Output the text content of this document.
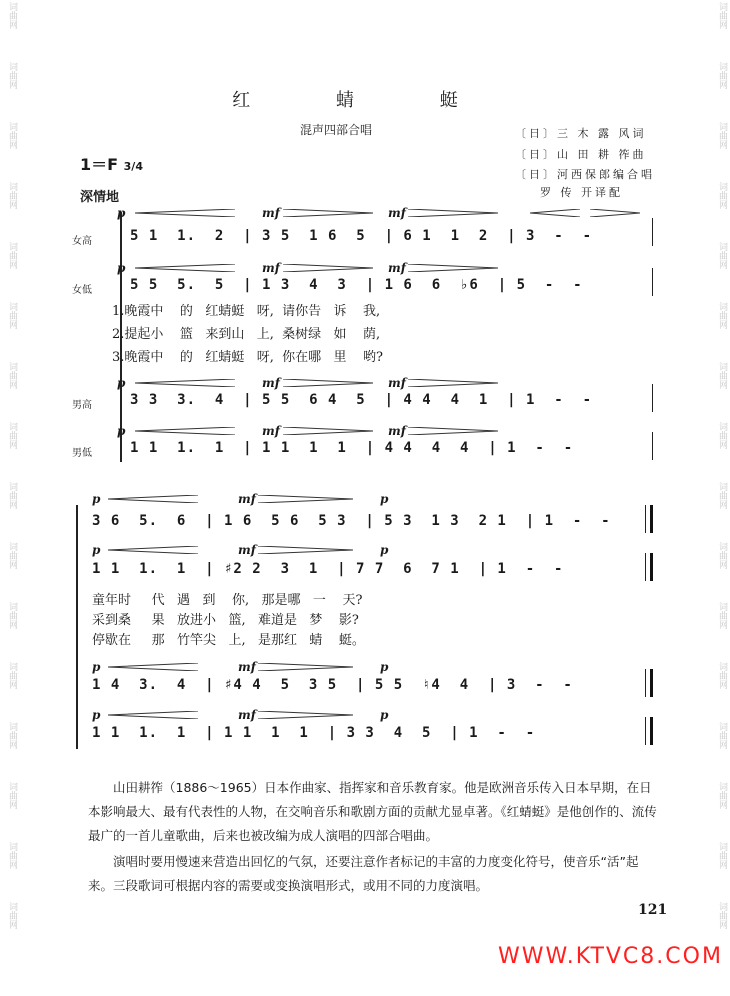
词曲网	词曲网
词曲网	词曲网
词曲网	词曲网
词曲网	词曲网
词曲网	词曲网
词曲网	词曲网
词曲网	词曲网
词曲网	词曲网
词曲网	词曲网
词曲网	词曲网
词曲网	词曲网
词曲网	词曲网
词曲网	词曲网
词曲网	词曲网
词曲网	词曲网
词曲网	词曲网
红 蜻 蜓
混声四部合唱	〔日〕三 木 露 风词
〔日〕山 田 耕 筰曲
〔日〕河西保郎编合唱
罗 传 开译配
1＝F 3/4
深情地
女高
女低
男高
男低
p	mf	mf
5 1  1.  2  | 3 5  1 6  5  | 6 1  1  2  | 3  -  -
p	mf	mf
5 5  5.  5  | 1 3  4  3  | 1 6  6  ♭6  | 5  -  -
1.晚霞中    的   红蜻蜓   呀,  请你告   诉    我,
2.提起小    篮   来到山   上,  桑树绿   如    荫,
3.晚霞中    的   红蜻蜓   呀,  你在哪   里    哟?
p	mf	mf
3 3  3.  4  | 5 5  6 4  5  | 4 4  4  1  | 1  -  -
p	mf	mf
1 1  1.  1  | 1 1  1  1  | 4 4  4  4  | 1  -  -
p	mf	p
3 6  5.  6  | 1 6  5 6  5 3  | 5 3  1 3  2 1  | 1  -  -
p	mf	p
1 1  1.  1  | ♯2 2  3  1  | 7 7  6  7 1  | 1  -  -
童年时     代   遇   到    你,   那是哪   一    天?
采到桑     果   放进小   篮,   难道是   梦    影?
停歇在     那   竹竿尖   上,   是那红   蜻    蜓。
p	mf	p
1 4  3.  4  | ♯4 4  5  3 5  | 5 5  ♮4  4  | 3  -  -
p	mf	p
1 1  1.  1  | 1 1  1  1  | 3 3  4  5  | 1  -  -
山田耕筰（1886～1965）日本作曲家、指挥家和音乐教育家。他是欧洲音乐传入日本早期，在日本影响最大、最有代表性的人物，在交响音乐和歌剧方面的贡献尤显卓著。《红蜻蜓》是他创作的、流传最广的一首儿童歌曲，后来也被改编为成人演唱的四部合唱曲。
演唱时要用慢速来营造出回忆的气氛，还要注意作者标记的丰富的力度变化符号，使音乐“活”起来。三段歌词可根据内容的需要或变换演唱形式，或用不同的力度演唱。
121
WWW.KTVC8.COM
